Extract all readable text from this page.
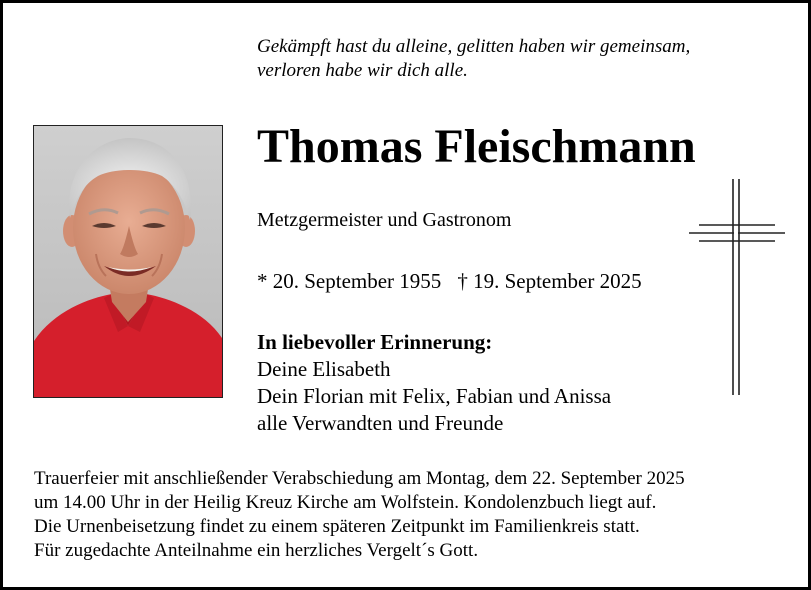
Gekämpft hast du alleine, gelitten haben wir gemeinsam,
verloren habe wir dich alle.
Thomas Fleischmann
Metzgermeister und Gastronom
* 20. September 1955 † 19. September 2025
In liebevoller Erinnerung:
Deine Elisabeth
Dein Florian mit Felix, Fabian und Anissa
alle Verwandten und Freunde
Trauerfeier mit anschließender Verabschiedung am Montag, dem 22. September 2025
um 14.00 Uhr in der Heilig Kreuz Kirche am Wolfstein. Kondolenzbuch liegt auf.
Die Urnenbeisetzung findet zu einem späteren Zeitpunkt im Familienkreis statt.
Für zugedachte Anteilnahme ein herzliches Vergelt´s Gott.
